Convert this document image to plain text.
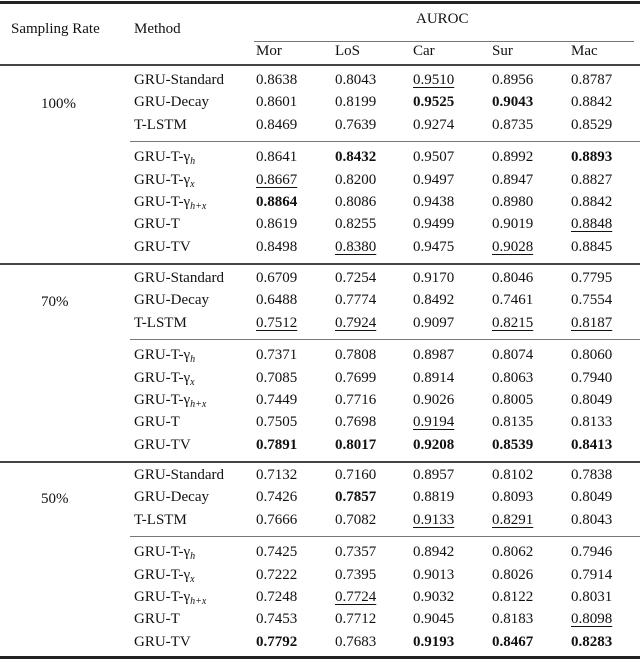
Sampling Rate Method
AUROC
Mor	LoS	Car	Sur	Mac
100%
GRU-Standard 0.8638	0.8043 0.9510	0.8956	0.8787
GRU-Decay	0.8601	0.8199 0.9525	0.9043	0.8842
T-LSTM	0.8469	0.7639 0.9274	0.8735	0.8529
GRU-$T-\gamma_h$	0.8641	0.8432 0.9507	0.8992	0.8893
GRU-$T-\gamma_x$	0.8667	0.8200 0.9497	0.8947	0.8827
GRU-$T-\gamma_{h+x}$	0.8864	0.8086 0.9438	0.8980	0.8842
GRU-T	0.8619	0.8255 0.9499	0.9019	0.8848
GRU-TV	0.8498	0.8380 0.9475	0.9028	0.8845
70%
GRU-Standard 0.6709	0.7254 0.9170	0.8046	0.7795
GRU-Decay	0.6488	0.7774 0.8492	0.7461	0.7554
T-LSTM	0.7512	0.7924 0.9097	0.8215	0.8187
GRU-$T-\gamma_h$	0.7371	0.7808 0.8987	0.8074	0.8060
GRU-$T-\gamma_x$	0.7085	0.7699 0.8914	0.8063	0.7940
GRU-$T-\gamma_{h+x}$	0.7449	0.7716 0.9026	0.8005	0.8049
GRU-T	0.7505	0.7698 0.9194	0.8135	0.8133
GRU-TV	0.7891	0.8017 0.9208	0.8539	0.8413
50%
GRU-Standard 0.7132	0.7160 0.8957	0.8102	0.7838
GRU-Decay	0.7426	0.7857 0.8819	0.8093	0.8049
T-LSTM	0.7666	0.7082 0.9133	0.8291	0.8043
GRU-$T-\gamma_h$	0.7425	0.7357 0.8942	0.8062	0.7946
GRU-$T-\gamma_x$	0.7222	0.7395 0.9013	0.8026	0.7914
GRU-$T-\gamma_{h+x}$	0.7248	0.7724 0.9032	0.8122	0.8031
GRU-T	0.7453	0.7712 0.9045	0.8183	0.8098
GRU-TV	0.7792	0.7683 0.9193	0.8467	0.8283
